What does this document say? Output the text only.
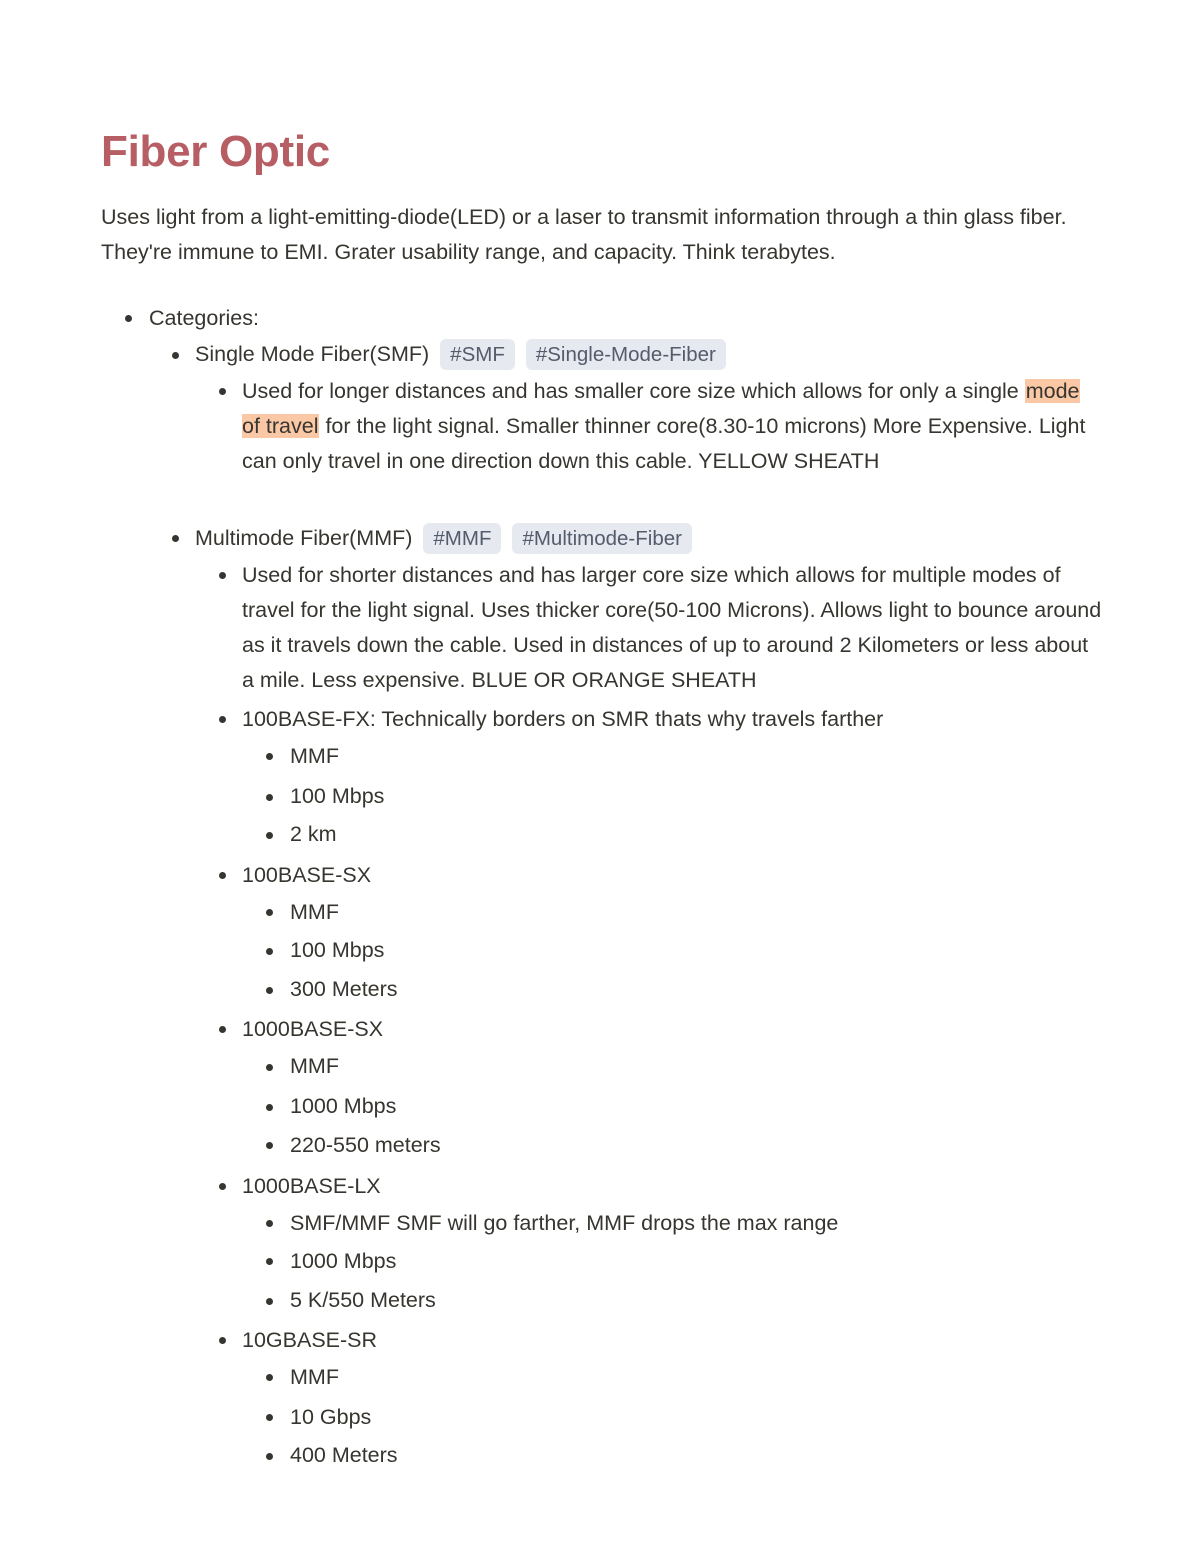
Fiber Optic

Uses light from a light-emitting-diode(LED) or a laser to transmit information through a thin glass fiber. They're immune to EMI. Grater usability range, and capacity. Think terabytes.

Categories:
Single Mode Fiber(SMF) #SMF #Single-Mode-Fiber
Used for longer distances and has smaller core size which allows for only a single mode of travel for the light signal. Smaller thinner core(8.30-10 microns) More Expensive. Light can only travel in one direction down this cable. YELLOW SHEATH
Multimode Fiber(MMF) #MMF #Multimode-Fiber
Used for shorter distances and has larger core size which allows for multiple modes of travel for the light signal. Uses thicker core(50-100 Microns). Allows light to bounce around as it travels down the cable. Used in distances of up to around 2 Kilometers or less about a mile. Less expensive. BLUE OR ORANGE SHEATH
100BASE-FX: Technically borders on SMR thats why travels farther
MMF
100 Mbps
2 km
100BASE-SX
MMF
100 Mbps
300 Meters
1000BASE-SX
MMF
1000 Mbps
220-550 meters
1000BASE-LX
SMF/MMF SMF will go farther, MMF drops the max range
1000 Mbps
5 K/550 Meters
10GBASE-SR
MMF
10 Gbps
400 Meters
